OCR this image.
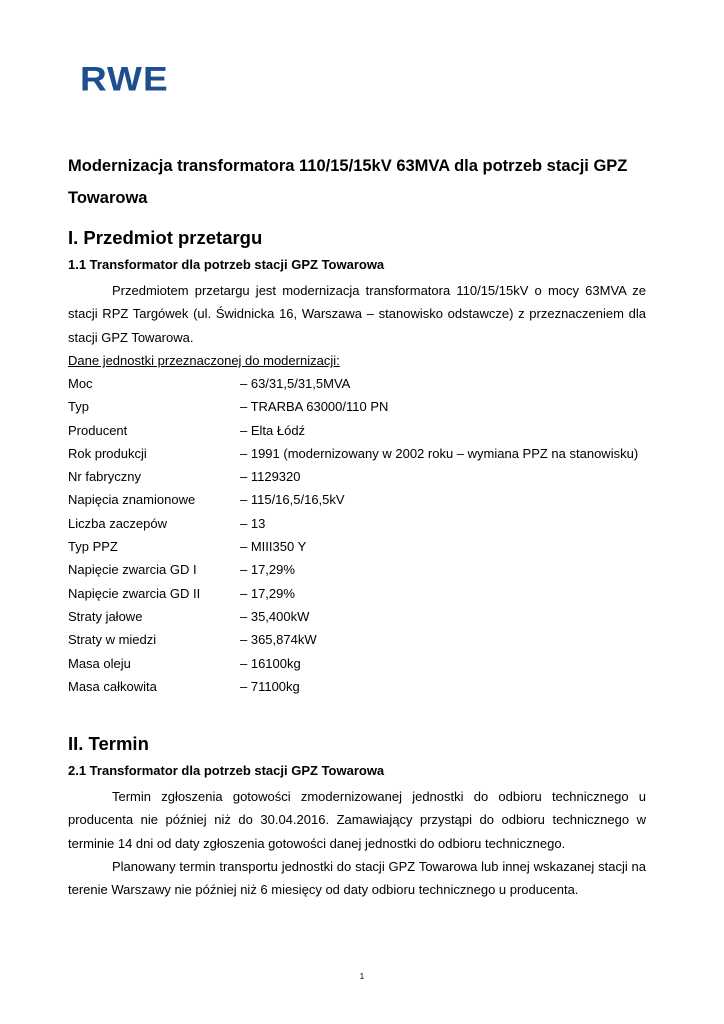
RWE
Modernizacja transformatora 110/15/15kV 63MVA dla potrzeb stacji GPZ Towarowa
I. Przedmiot przetargu
1.1 Transformator dla potrzeb stacji GPZ Towarowa

Przedmiotem przetargu jest modernizacja transformatora 110/15/15kV o mocy 63MVA ze stacji RPZ Targówek (ul. Świdnicka 16, Warszawa – stanowisko odstawcze) z przeznaczeniem dla stacji GPZ Towarowa.

Dane jednostki przeznaczonej do modernizacji:

Moc	– 63/31,5/31,5MVA
Typ	– TRARBA 63000/110 PN
Producent	– Elta Łódź
Rok produkcji	– 1991 (modernizowany w 2002 roku – wymiana PPZ na stanowisku)
Nr fabryczny	– 1129320
Napięcia znamionowe	– 115/16,5/16,5kV
Liczba zaczepów	– 13
Typ PPZ	– MIII350 Y
Napięcie zwarcia GD I	– 17,29%
Napięcie zwarcia GD II	– 17,29%
Straty jałowe	– 35,400kW
Straty w miedzi	– 365,874kW
Masa oleju	– 16100kg
Masa całkowita	– 71100kg
II. Termin
2.1 Transformator dla potrzeb stacji GPZ Towarowa

Termin zgłoszenia gotowości zmodernizowanej jednostki do odbioru technicznego u producenta nie później niż do 30.04.2016. Zamawiający przystąpi do odbioru technicznego w terminie 14 dni od daty zgłoszenia gotowości danej jednostki do odbioru technicznego.

Planowany termin transportu jednostki do stacji GPZ Towarowa lub innej wskazanej stacji na terenie Warszawy nie później niż 6 miesięcy od daty odbioru technicznego u producenta.

1
